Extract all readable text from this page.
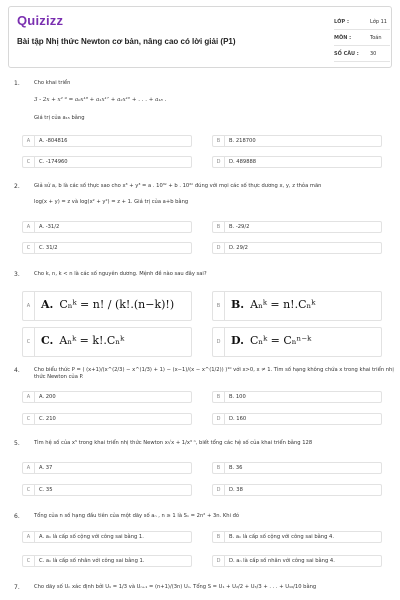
Quizizz
Bài tập Nhị thức Newton cơ bản, nâng cao có lời giải (P1)
LỚP :	Lớp 11
MÔN :	Toán
SỐ CÂU : 30
1.	Cho khai triển
3 - 2x + x² ⁹ = a₀x¹⁸ + a₁x¹⁷ + a₂x¹⁶ + . . . + a₁₈ .
Giá trị của a₁₅ bằng
A	A. -804816	B	B. 218700
C	C. -174960	D	D. 489888
2.	Giả sử a, b là các số thực sao cho x³ + y³ = a . 10³ᶻ + b . 10²ᶻ đúng với mọi các số thực dương x, y, z thỏa mãn
log(x + y) = z và log(x² + y²) = z + 1. Giá trị của a+b bằng
A	A. -31/2	B	B. -29/2
C	C. 31/2	D	D. 29/2
3.	Cho k, n, k < n là các số nguyên dương. Mệnh đề nào sau đây sai?
A A. Cₙᵏ = n! / (k!.(n−k)!)	B B. Aₙᵏ = n!.Cₙᵏ
C C. Aₙᵏ = k!.Cₙᵏ	D D. Cₙᵏ = Cₙⁿ⁻ᵏ
4.	Cho biểu thức P = ( (x+1)/(x^(2/3) − x^(1/3) + 1) − (x−1)/(x − x^(1/2)) )¹⁰ với x>0, x ≠ 1. Tìm số hạng không chứa x trong khai triển nhị thức Newton của P.
A	A. 200	B	B. 100
C	C. 210	D	D. 160
5.	Tìm hệ số của x⁵ trong khai triển nhị thức Newton x√x + 1/x³ ⁿ, biết tổng các hệ số của khai triển bằng 128
A	A. 37	B	B. 36
C	C. 35	D	D. 38
6.	Tổng của n số hạng đầu tiên của một dãy số aₙ , n ≥ 1 là Sₙ = 2n² + 3n. Khi đó
A	A. aₙ là cấp số cộng với công sai bằng 1.	B	B. aₙ là cấp số cộng với công sai bằng 4.
C	C. aₙ là cấp số nhân với công sai bằng 1.	D	D. aₙ là cấp số nhân với công sai bằng 4.
7.	Cho dãy số Uₙ xác định bởi U₁ = 1/3 và Uₙ₊₁ = (n+1)/(3n) Uₙ. Tổng S = U₁ + U₂/2 + U₃/3 + . . . + U₁₀/10 bằng
